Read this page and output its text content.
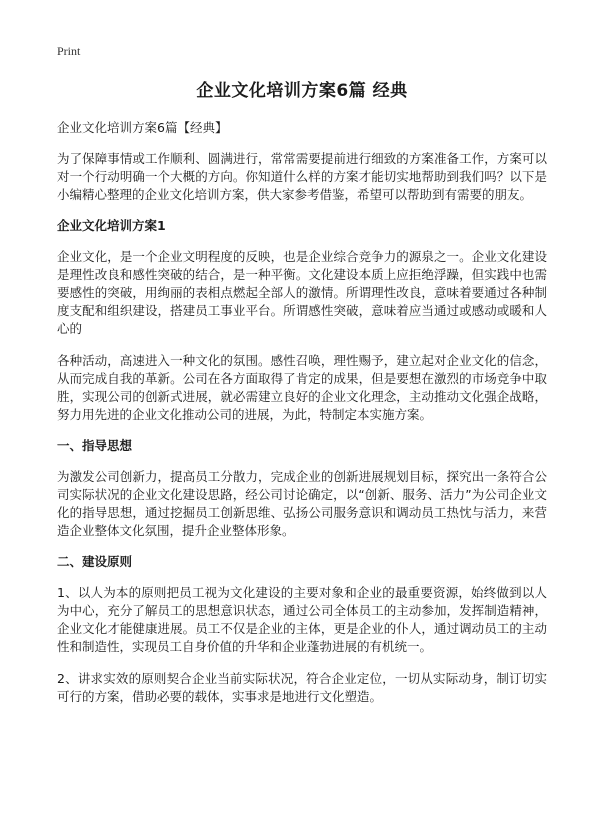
Print
企业文化培训方案6篇 经典
企业文化培训方案6篇【经典】
为了保障事情或工作顺利、圆满进行，常常需要提前进行细致的方案准备工作，方案可以对一个行动明确一个大概的方向。你知道什么样的方案才能切实地帮助到我们吗？以下是小编精心整理的企业文化培训方案，供大家参考借鉴，希望可以帮助到有需要的朋友。
企业文化培训方案1
企业文化，是一个企业文明程度的反映，也是企业综合竞争力的源泉之一。企业文化建设是理性改良和感性突破的结合，是一种平衡。文化建设本质上应拒绝浮躁，但实践中也需要感性的突破，用绚丽的表相点燃起全部人的激情。所谓理性改良，意味着要通过各种制度支配和组织建设，搭建员工事业平台。所谓感性突破，意味着应当通过或感动或暖和人心的
各种活动，高速进入一种文化的氛围。感性召唤，理性赐予，建立起对企业文化的信念，从而完成自我的革新。公司在各方面取得了肯定的成果，但是要想在激烈的市场竞争中取胜，实现公司的创新式进展，就必需建立良好的企业文化理念，主动推动文化强企战略，努力用先进的企业文化推动公司的进展，为此，特制定本实施方案。
一、指导思想
为激发公司创新力，提高员工分散力，完成企业的创新进展规划目标，探究出一条符合公司实际状况的企业文化建设思路，经公司讨论确定，以“创新、服务、活力”为公司企业文化的指导思想，通过挖掘员工创新思维、弘扬公司服务意识和调动员工热忱与活力，来营造企业整体文化氛围，提升企业整体形象。
二、建设原则
1、以人为本的原则把员工视为文化建设的主要对象和企业的最重要资源，始终做到以人为中心，充分了解员工的思想意识状态，通过公司全体员工的主动参加，发挥制造精神，企业文化才能健康进展。员工不仅是企业的主体，更是企业的仆人，通过调动员工的主动性和制造性，实现员工自身价值的升华和企业蓬勃进展的有机统一。
2、讲求实效的原则契合企业当前实际状况，符合企业定位，一切从实际动身，制订切实可行的方案，借助必要的载体，实事求是地进行文化塑造。
